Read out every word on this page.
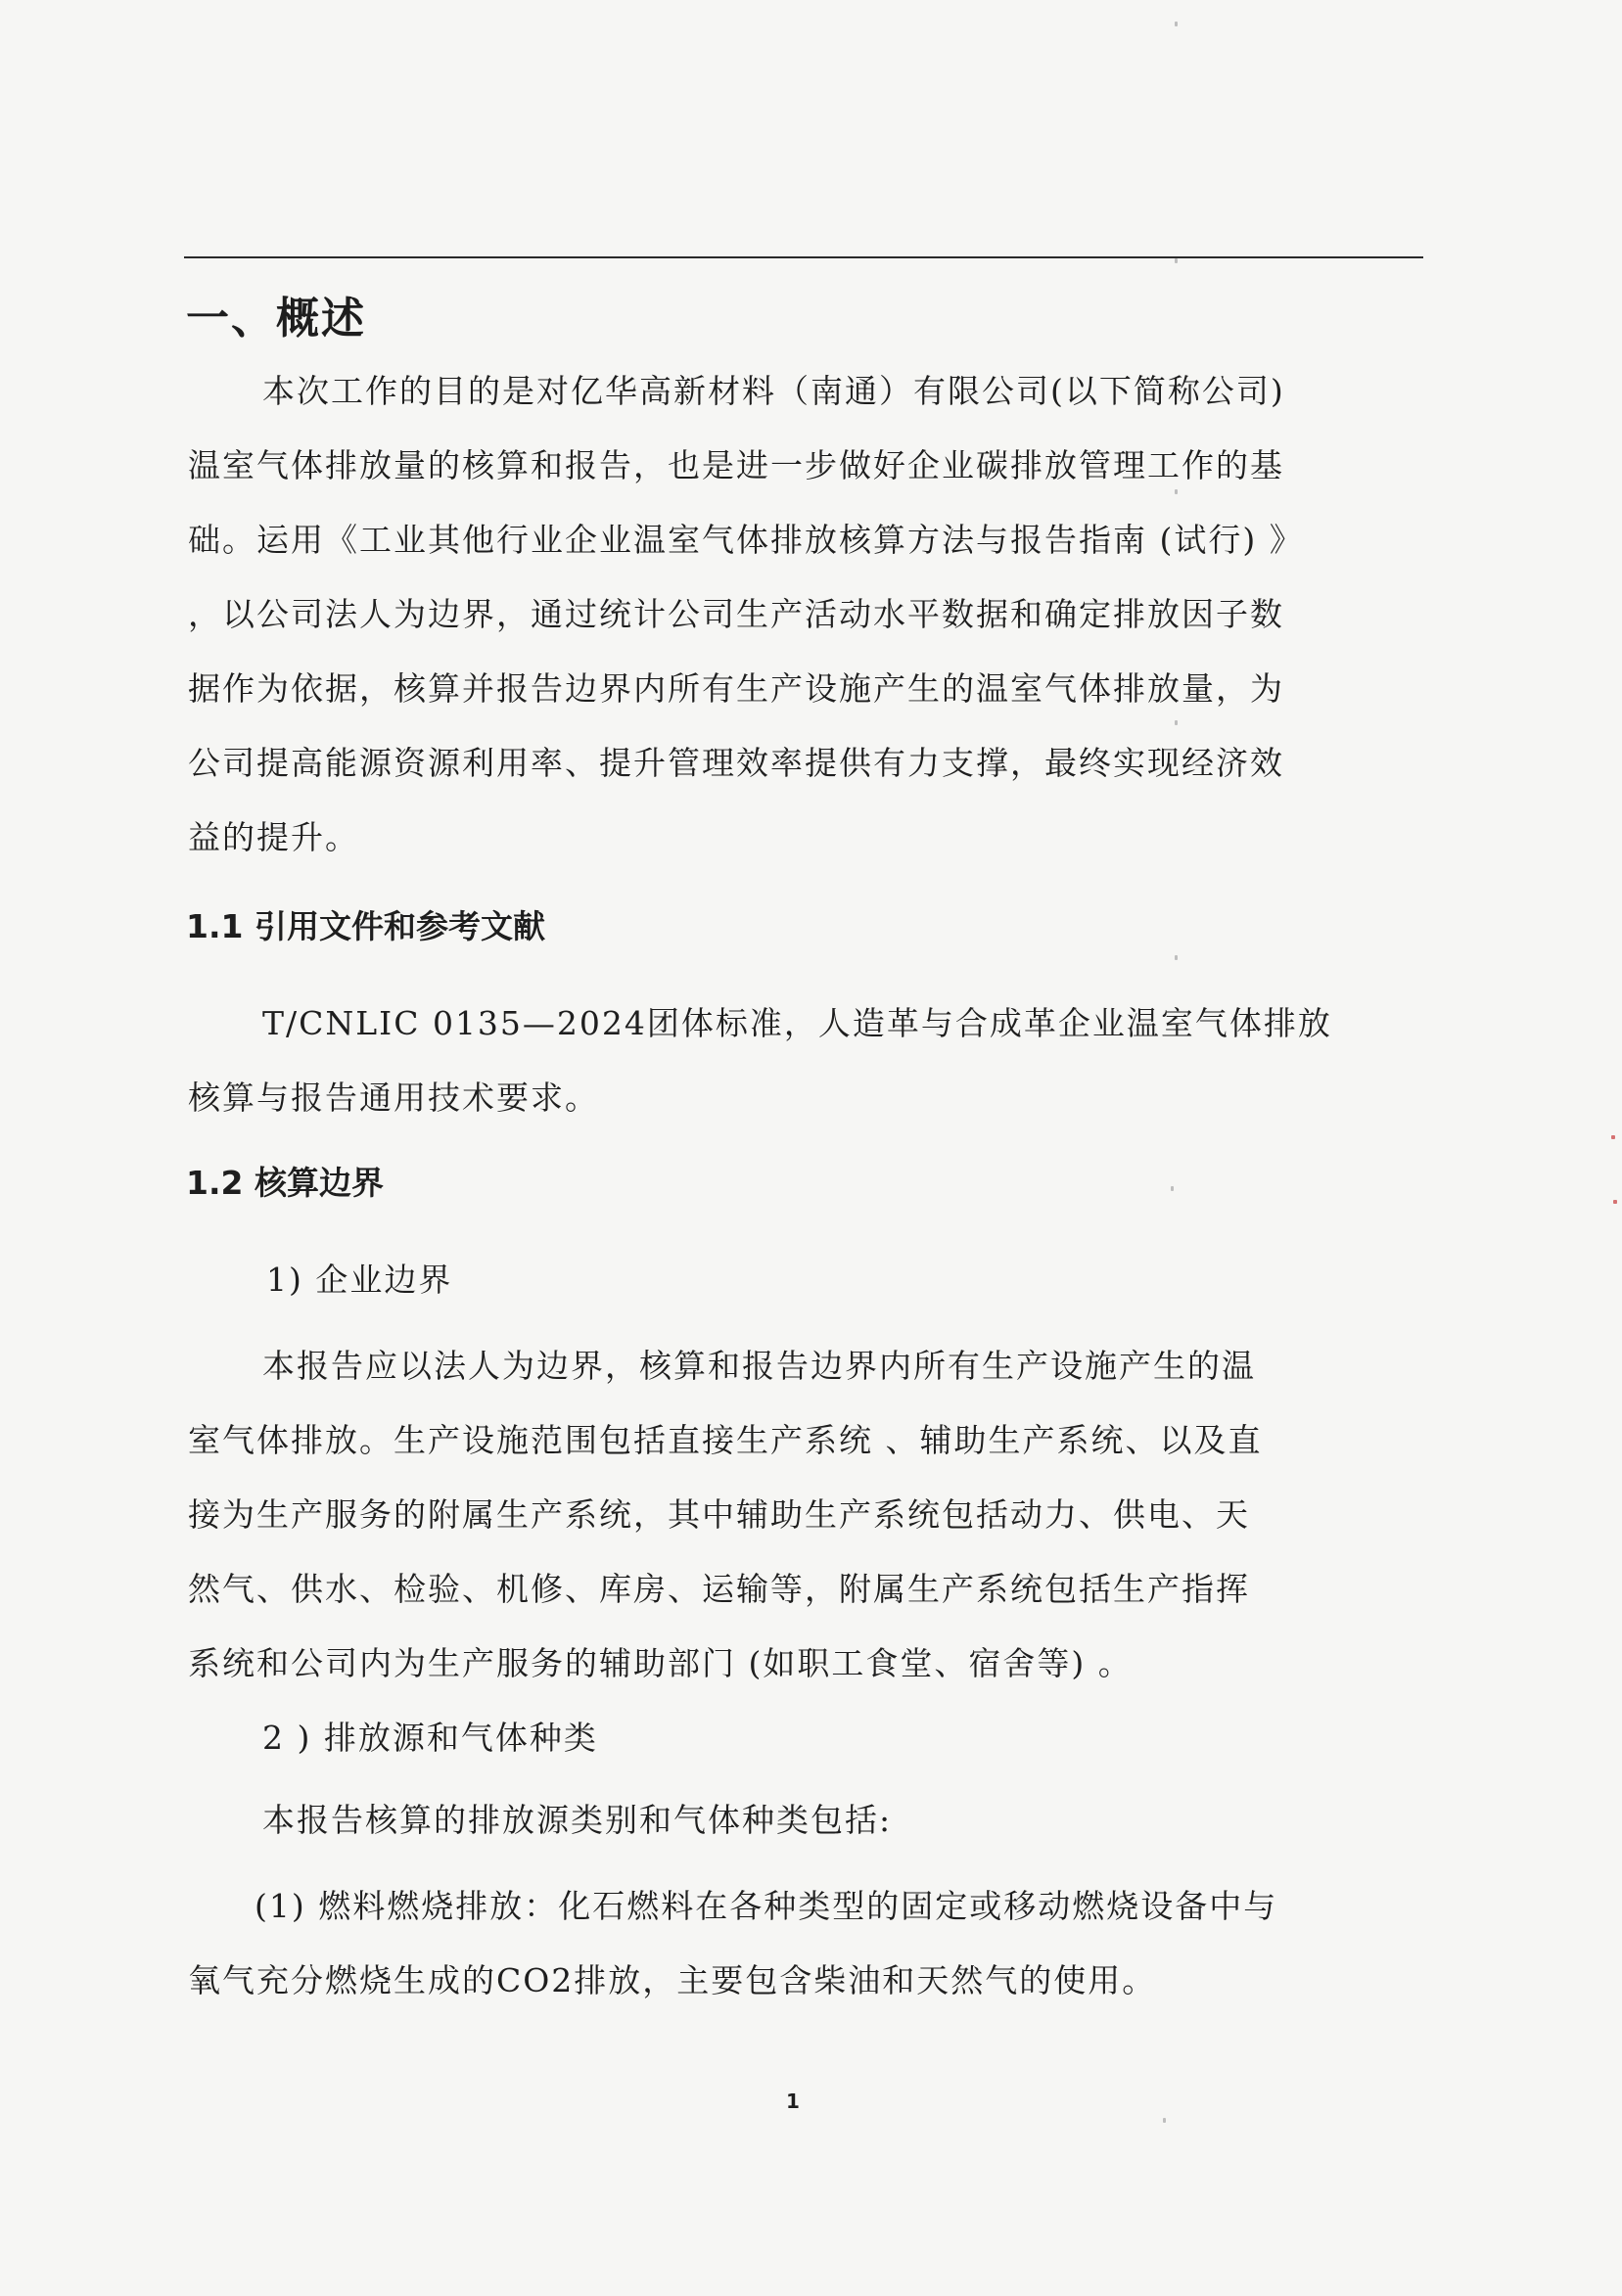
一、概述
本次工作的目的是对亿华高新材料（南通）有限公司(以下简称公司)
温室气体排放量的核算和报告，也是进一步做好企业碳排放管理工作的基
础。运用《工业其他行业企业温室气体排放核算方法与报告指南 (试行) 》
，以公司法人为边界，通过统计公司生产活动水平数据和确定排放因子数
据作为依据，核算并报告边界内所有生产设施产生的温室气体排放量，为
公司提高能源资源利用率、提升管理效率提供有力支撑，最终实现经济效
益的提升。
1.1 引用文件和参考文献
T/CNLIC 0135—2024团体标准，人造革与合成革企业温室气体排放
核算与报告通用技术要求。
1.2 核算边界
1) 企业边界
本报告应以法人为边界，核算和报告边界内所有生产设施产生的温
室气体排放。生产设施范围包括直接生产系统 、辅助生产系统、以及直
接为生产服务的附属生产系统，其中辅助生产系统包括动力、供电、天
然气、供水、检验、机修、库房、运输等，附属生产系统包括生产指挥
系统和公司内为生产服务的辅助部门 (如职工食堂、宿舍等) 。
2 ) 排放源和气体种类
本报告核算的排放源类别和气体种类包括:
(1) 燃料燃烧排放：化石燃料在各种类型的固定或移动燃烧设备中与
氧气充分燃烧生成的CO2排放，主要包含柴油和天然气的使用。
1
